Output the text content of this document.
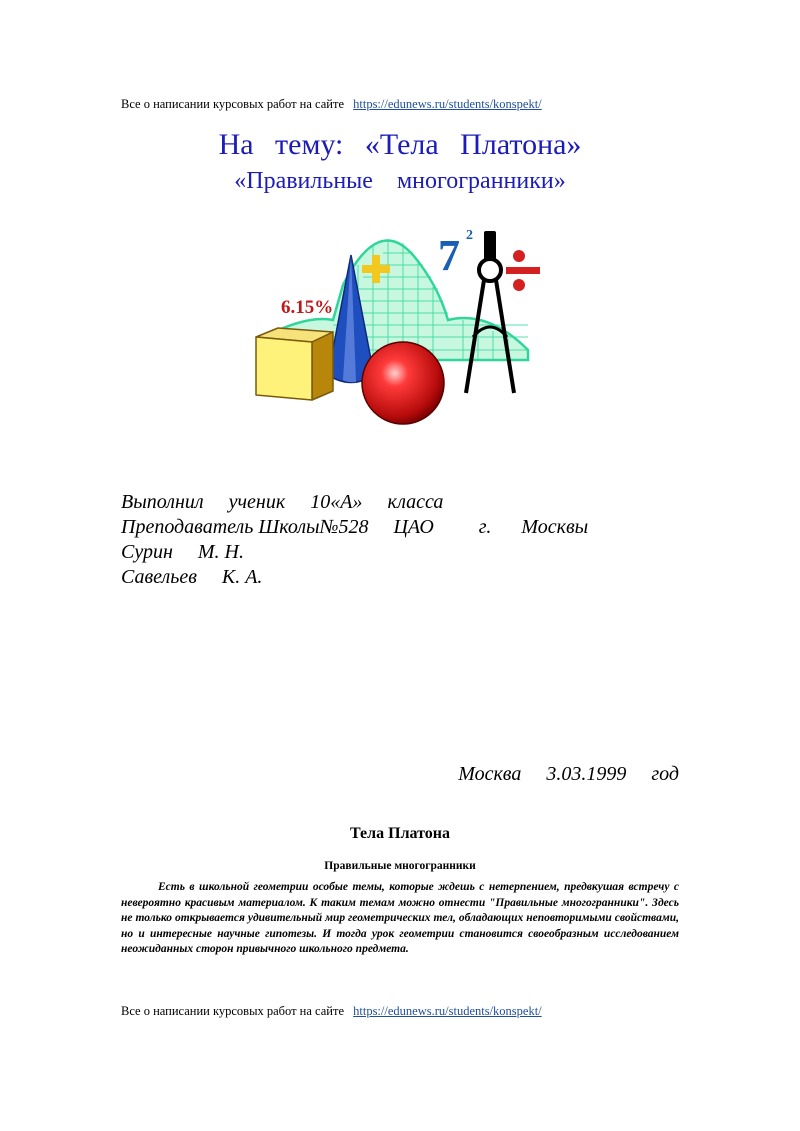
Все о написании курсовых работ на сайте https://edunews.ru/students/konspekt/
На тему: «Тела Платона»
«Правильные многогранники»
6.15%
7 2
Выполнил ученик 10«А» класса
Преподаватель Школы№528 ЦАО г. Москвы
Сурин М. Н.
Савельев К. А.
Москва 3.03.1999 год
Тела Платона
Правильные многогранники

Есть в школьной геометрии особые темы, которые ждешь с нетерпением, предвкушая встречу с невероятно красивым материалом. К таким темам можно отнести "Правильные многогранники". Здесь не только открывается удивительный мир геометрических тел, обладающих неповторимыми свойствами, но и интересные научные гипотезы. И тогда урок геометрии становится своеобразным исследованием неожиданных сторон привычного школьного предмета.

Все о написании курсовых работ на сайте https://edunews.ru/students/konspekt/
